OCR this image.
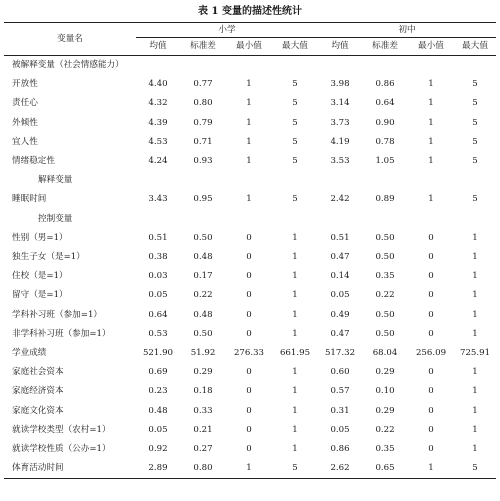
表 1 变量的描述性统计
变量名	小学				初中			
	均值	标准差	最小值	最大值	均值	标准差	最小值	最大值
被解释变量（社会情感能力）								
开放性	4.40	0.77	1	5	3.98	0.86	1	5
责任心	4.32	0.80	1	5	3.14	0.64	1	5
外倾性	4.39	0.79	1	5	3.73	0.90	1	5
宜人性	4.53	0.71	1	5	4.19	0.78	1	5
情绪稳定性	4.24	0.93	1	5	3.53	1.05	1	5
解释变量								
睡眠时间	3.43	0.95	1	5	2.42	0.89	1	5
控制变量								
性别（男=1）	0.51	0.50	0	1	0.51	0.50	0	1
独生子女（是=1）	0.38	0.48	0	1	0.47	0.50	0	1
住校（是=1）	0.03	0.17	0	1	0.14	0.35	0	1
留守（是=1）	0.05	0.22	0	1	0.05	0.22	0	1
学科补习班（参加=1）	0.64	0.48	0	1	0.49	0.50	0	1
非学科补习班（参加=1）	0.53	0.50	0	1	0.47	0.50	0	1
学业成绩	521.90	51.92	276.33	661.95	517.32	68.04	256.09	725.91
家庭社会资本	0.69	0.29	0	1	0.60	0.29	0	1
家庭经济资本	0.23	0.18	0	1	0.57	0.10	0	1
家庭文化资本	0.48	0.33	0	1	0.31	0.29	0	1
就读学校类型（农村=1）	0.05	0.21	0	1	0.05	0.22	0	1
就读学校性质（公办=1）	0.92	0.27	0	1	0.86	0.35	0	1
体育活动时间	2.89	0.80	1	5	2.62	0.65	1	5
